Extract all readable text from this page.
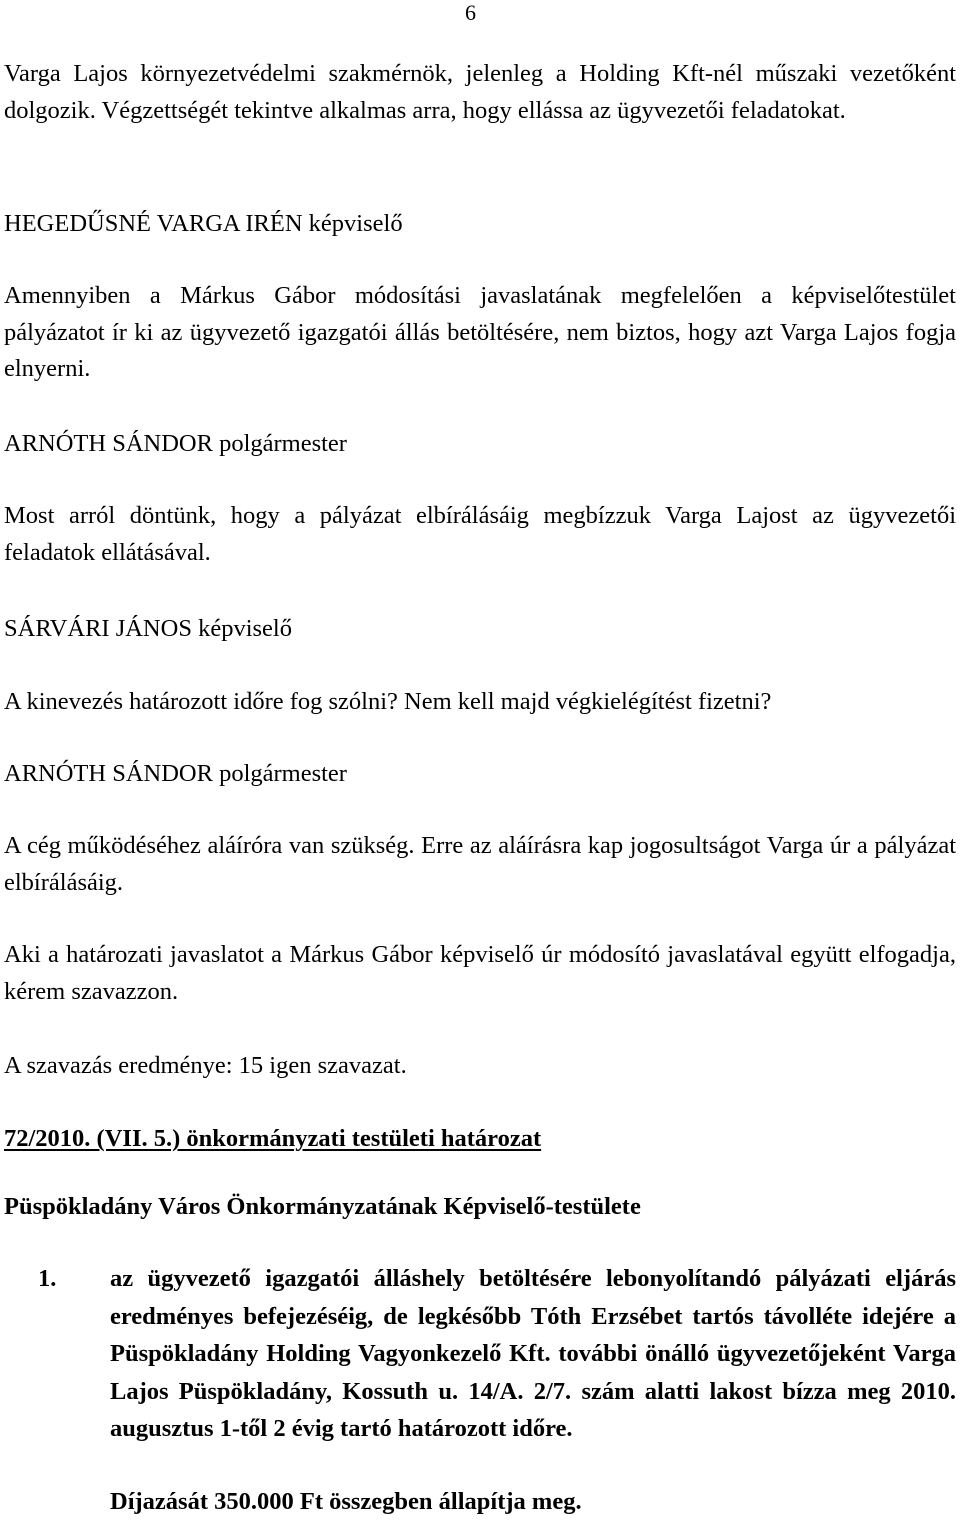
6

Varga Lajos környezetvédelmi szakmérnök, jelenleg a Holding Kft-nél műszaki vezetőként dolgozik. Végzettségét tekintve alkalmas arra, hogy ellássa az ügyvezetői feladatokat.

HEGEDŰSNÉ VARGA IRÉN képviselő

Amennyiben a Márkus Gábor módosítási javaslatának megfelelően a képviselőtestület pályázatot ír ki az ügyvezető igazgatói állás betöltésére, nem biztos, hogy azt Varga Lajos fogja elnyerni.

ARNÓTH SÁNDOR polgármester

Most arról döntünk, hogy a pályázat elbírálásáig megbízzuk Varga Lajost az ügyvezetői feladatok ellátásával.

SÁRVÁRI JÁNOS képviselő

A kinevezés határozott időre fog szólni? Nem kell majd végkielégítést fizetni?

ARNÓTH SÁNDOR polgármester

A cég működéséhez aláíróra van szükség. Erre az aláírásra kap jogosultságot Varga úr a pályázat elbírálásáig.

Aki a határozati javaslatot a Márkus Gábor képviselő úr módosító javaslatával együtt elfogadja, kérem szavazzon.

A szavazás eredménye: 15 igen szavazat.

72/2010. (VII. 5.) önkormányzati testületi határozat

Püspökladány Város Önkormányzatának Képviselő-testülete

1. az ügyvezető igazgatói álláshely betöltésére lebonyolítandó pályázati eljárás eredményes befejezéséig, de legkésőbb Tóth Erzsébet tartós távolléte idejére a Püspökladány Holding Vagyonkezelő Kft. további önálló ügyvezetőjeként Varga Lajos Püspökladány, Kossuth u. 14/A. 2/7. szám alatti lakost bízza meg 2010. augusztus 1-től 2 évig tartó határozott időre.
Díjazását 350.000 Ft összegben állapítja meg.
